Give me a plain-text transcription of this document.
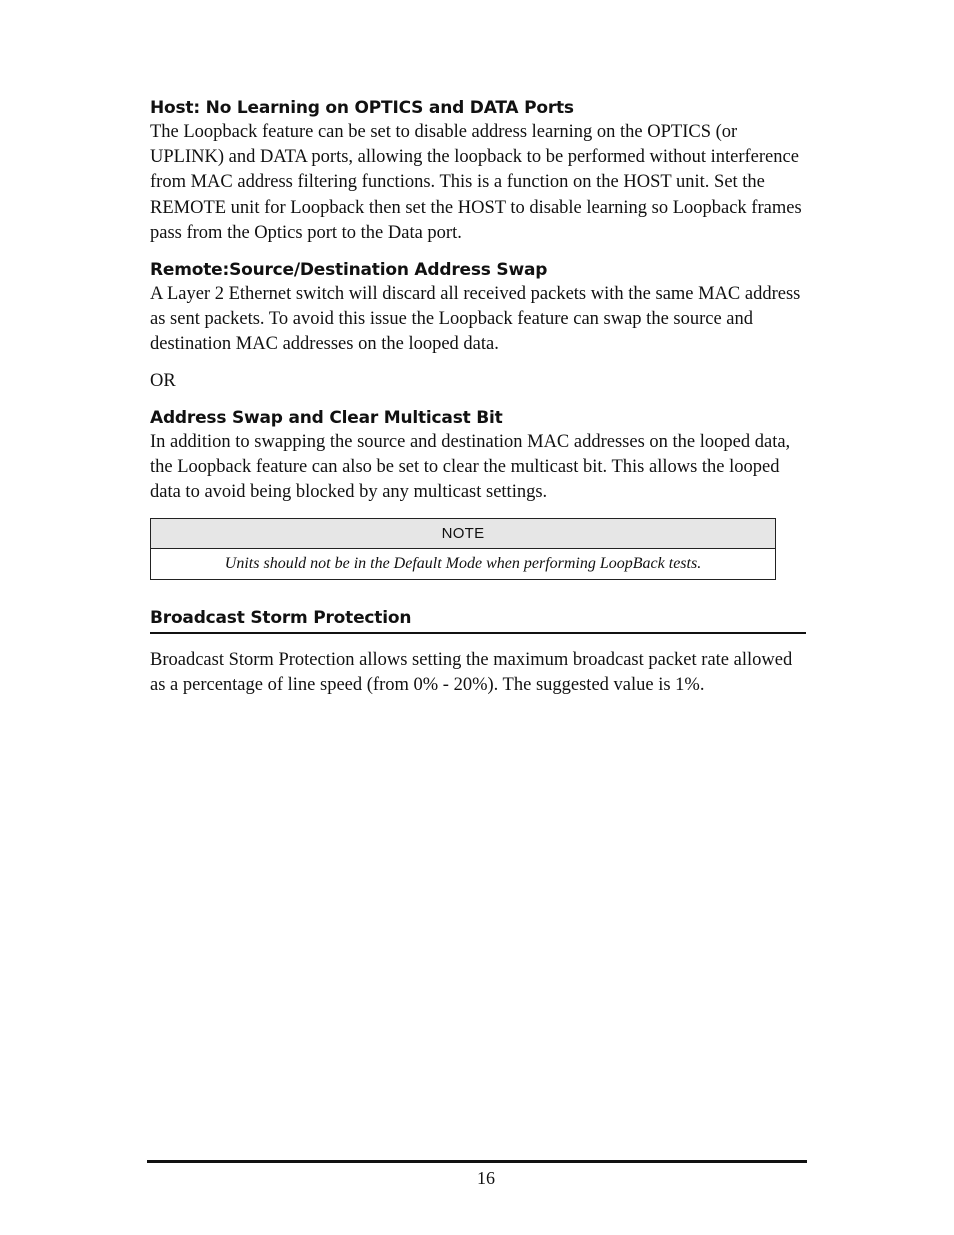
Host: No Learning on OPTICS and DATA Ports

The Loopback feature can be set to disable address learning on the OPTICS (or UPLINK) and DATA ports, allowing the loopback to be performed without interference from MAC address filtering functions. This is a function on the HOST unit. Set the REMOTE unit for Loopback then set the HOST to disable learning so Loopback frames pass from the Optics port to the Data port.

Remote:Source/Destination Address Swap

A Layer 2 Ethernet switch will discard all received packets with the same MAC address as sent packets. To avoid this issue the Loopback feature can swap the source and destination MAC addresses on the looped data.

OR

Address Swap and Clear Multicast Bit

In addition to swapping the source and destination MAC addresses on the looped data, the Loopback feature can also be set to clear the multicast bit. This allows the looped data to avoid being blocked by any multicast settings.

NOTE
Units should not be in the Default Mode when performing LoopBack tests.
Broadcast Storm Protection

Broadcast Storm Protection allows setting the maximum broadcast packet rate allowed as a percentage of line speed (from 0% - 20%). The suggested value is 1%.

16
